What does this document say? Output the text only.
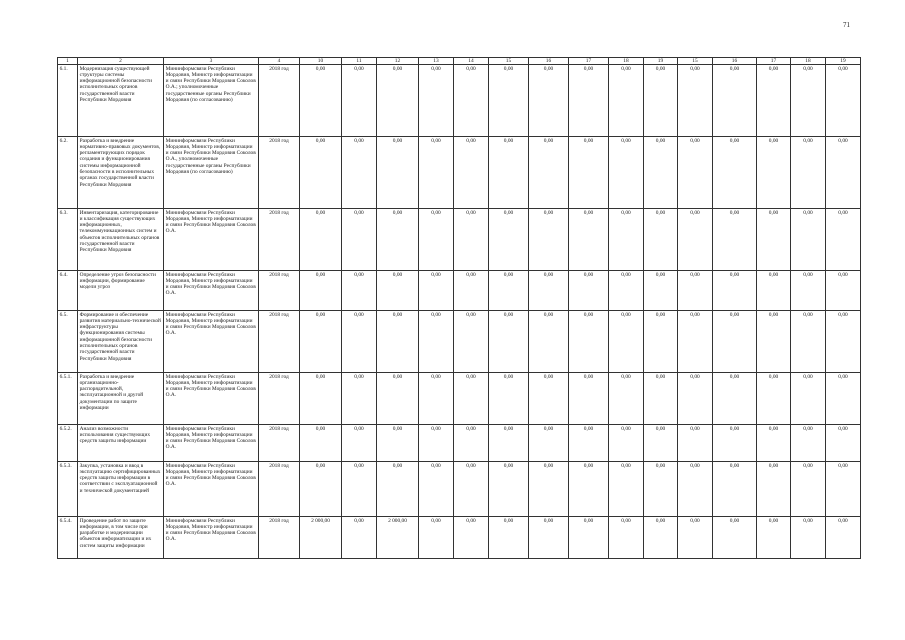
71
1	2	3	4	10	11	12	13	14	15	16	17	18	19	15	16	17	18	19
6.1.	Модернизация существующей структуры системы информационной безопасности исполнительных органов государственной власти Республики Мордовия	Мининформсвязи Республики Мордовия, Министр информатизации и связи Республики Мордовия Соколов О.А.; уполномоченные государственные органы Республики Мордовия (по согласованию)	2018 год	0,00	0,00	0,00	0,00	0,00	0,00	0,00	0,00	0,00	0,00	0,00	0,00	0,00	0,00	0,00
6.2.	Разработка и внедрение нормативно-правовых документов, регламентирующих порядок создания и функционирования системы информационной безопасности в исполнительных органах государственной власти Республики Мордовия	Мининформсвязи Республики Мордовия, Министр информатизации и связи Республики Мордовия Соколов О.А., уполномоченные государственные органы Республики Мордовия (по согласованию)	2018 год	0,00	0,00	0,00	0,00	0,00	0,00	0,00	0,00	0,00	0,00	0,00	0,00	0,00	0,00	0,00
6.3.	Инвентаризация, категорирование и классификация существующих информационных, телекоммуникационных систем и объектов исполнительных органов государственной власти Республики Мордовия	Мининформсвязи Республики Мордовия, Министр информатизации и связи Республики Мордовия Соколов О.А.	2018 год	0,00	0,00	0,00	0,00	0,00	0,00	0,00	0,00	0,00	0,00	0,00	0,00	0,00	0,00	0,00
6.4.	Определение угроз безопасности информации, формирование модели угроз	Мининформсвязи Республики Мордовия, Министр информатизации и связи Республики Мордовия Соколов О.А.	2018 год	0,00	0,00	0,00	0,00	0,00	0,00	0,00	0,00	0,00	0,00	0,00	0,00	0,00	0,00	0,00
6.5.	Формирование и обеспечение развития материально-технической инфраструктуры функционирования системы информационной безопасности исполнительных органов государственной власти Республики Мордовия	Мининформсвязи Республики Мордовия, Министр информатизации и связи Республики Мордовия Соколов О.А.	2018 год	0,00	0,00	0,00	0,00	0,00	0,00	0,00	0,00	0,00	0,00	0,00	0,00	0,00	0,00	0,00
6.5.1.	Разработка и внедрение организационно-распорядительной, эксплуатационной и другой документации по защите информации	Мининформсвязи Республики Мордовия, Министр информатизации и связи Республики Мордовия Соколов О.А.	2018 год	0,00	0,00	0,00	0,00	0,00	0,00	0,00	0,00	0,00	0,00	0,00	0,00	0,00	0,00	0,00
6.5.2.	Анализ возможности использования существующих средств защиты информации	Мининформсвязи Республики Мордовия, Министр информатизации и связи Республики Мордовия Соколов О.А.	2018 год	0,00	0,00	0,00	0,00	0,00	0,00	0,00	0,00	0,00	0,00	0,00	0,00	0,00	0,00	0,00
6.5.3.	Закупка, установка и ввод в эксплуатацию сертифицированных средств защиты информации в соответствии с эксплуатационной и технической документацией	Мининформсвязи Республики Мордовия, Министр информатизации и связи Республики Мордовия Соколов О.А.	2018 год	0,00	0,00	0,00	0,00	0,00	0,00	0,00	0,00	0,00	0,00	0,00	0,00	0,00	0,00	0,00
6.5.4.	Проведение работ по защите информации, в том числе при разработке и модернизации объектов информатизации и их систем защиты информации	Мининформсвязи Республики Мордовия, Министр информатизации и связи Республики Мордовия Соколов О.А.	2018 год	2 000,00	0,00	2 000,00	0,00	0,00	0,00	0,00	0,00	0,00	0,00	0,00	0,00	0,00	0,00	0,00
